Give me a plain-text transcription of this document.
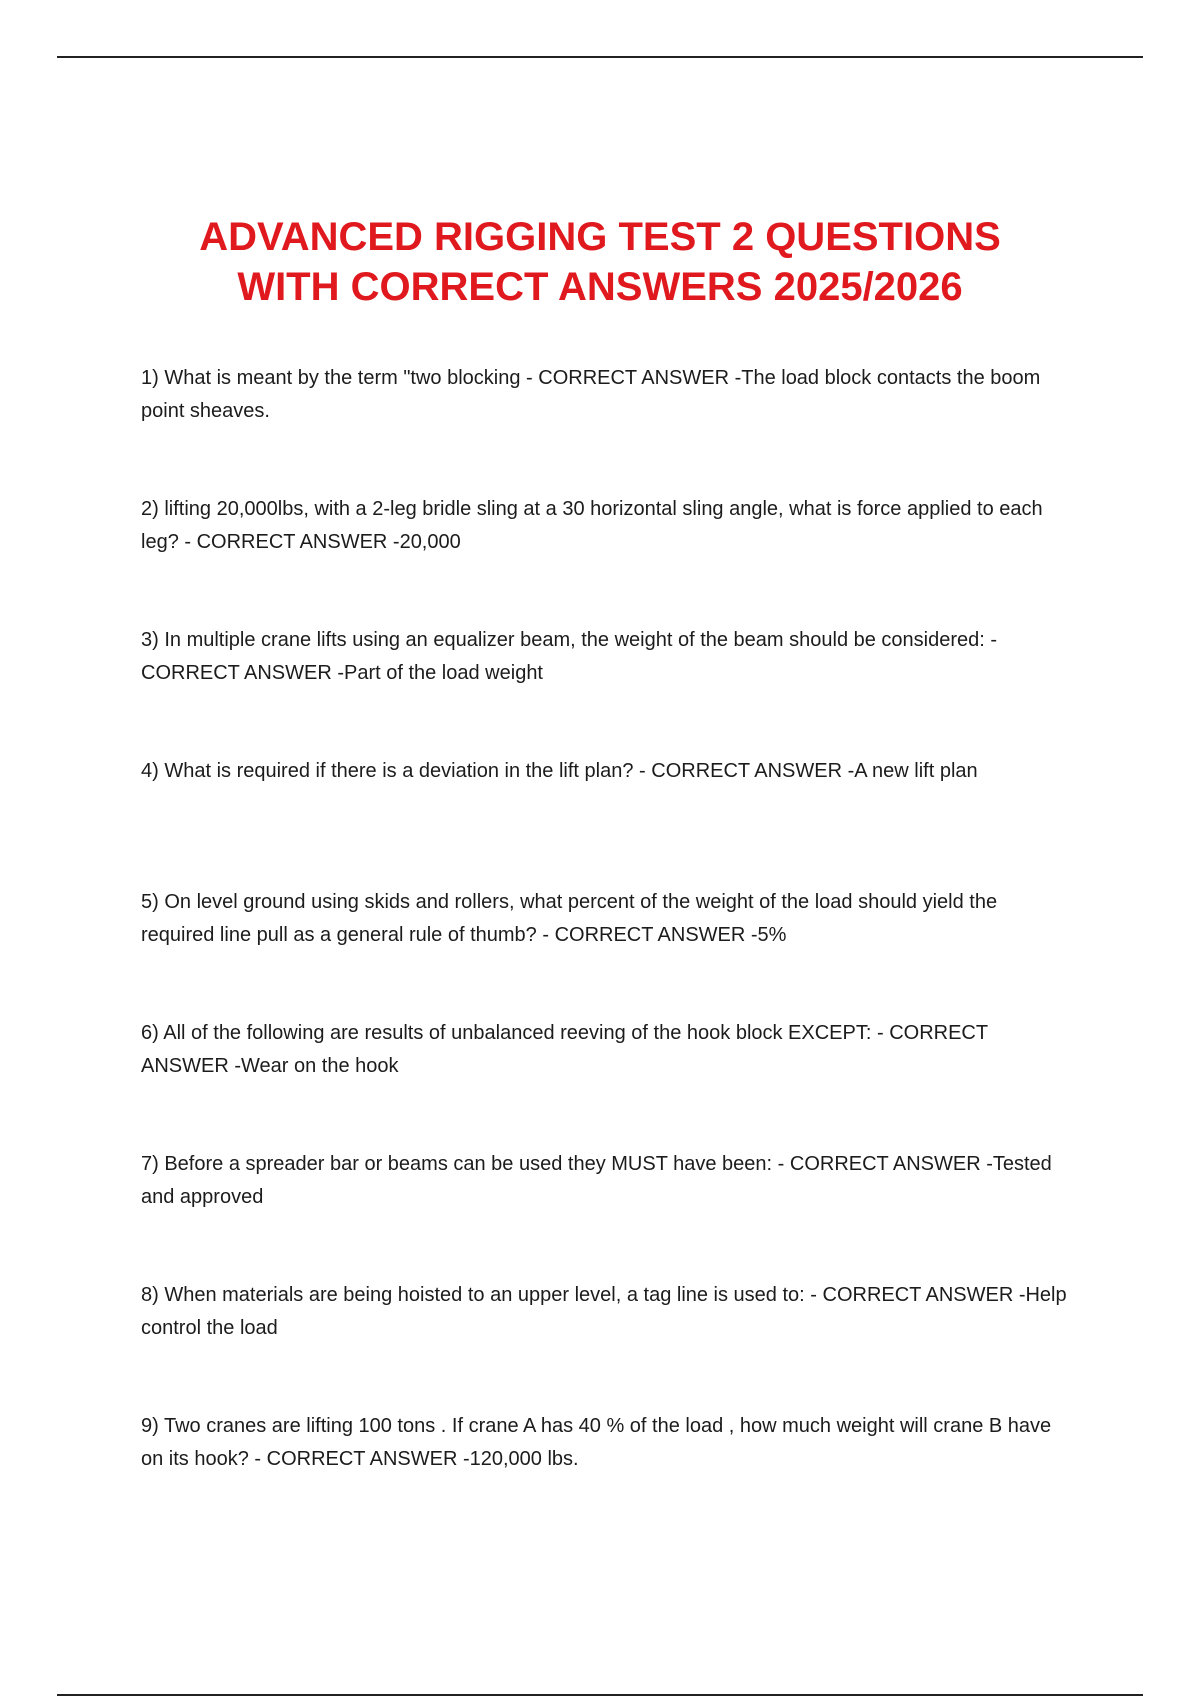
ADVANCED RIGGING TEST 2 QUESTIONS
WITH CORRECT ANSWERS 2025/2026
1) What is meant by the term "two blocking - CORRECT ANSWER -The load block contacts the boom point sheaves.
2) lifting 20,000lbs, with a 2-leg bridle sling at a 30 horizontal sling angle, what is force applied to each leg? - CORRECT ANSWER -20,000
3) In multiple crane lifts using an equalizer beam, the weight of the beam should be considered: - CORRECT ANSWER -Part of the load weight
4) What is required if there is a deviation in the lift plan? - CORRECT ANSWER -A new lift plan
5) On level ground using skids and rollers, what percent of the weight of the load should yield the required line pull as a general rule of thumb? - CORRECT ANSWER -5%
6) All of the following are results of unbalanced reeving of the hook block EXCEPT: - CORRECT ANSWER -Wear on the hook
7) Before a spreader bar or beams can be used they MUST have been: - CORRECT ANSWER -Tested and approved
8) When materials are being hoisted to an upper level, a tag line is used to: - CORRECT ANSWER -Help control the load
9) Two cranes are lifting 100 tons . If crane A has 40 % of the load , how much weight will crane B have on its hook? - CORRECT ANSWER -120,000 lbs.
